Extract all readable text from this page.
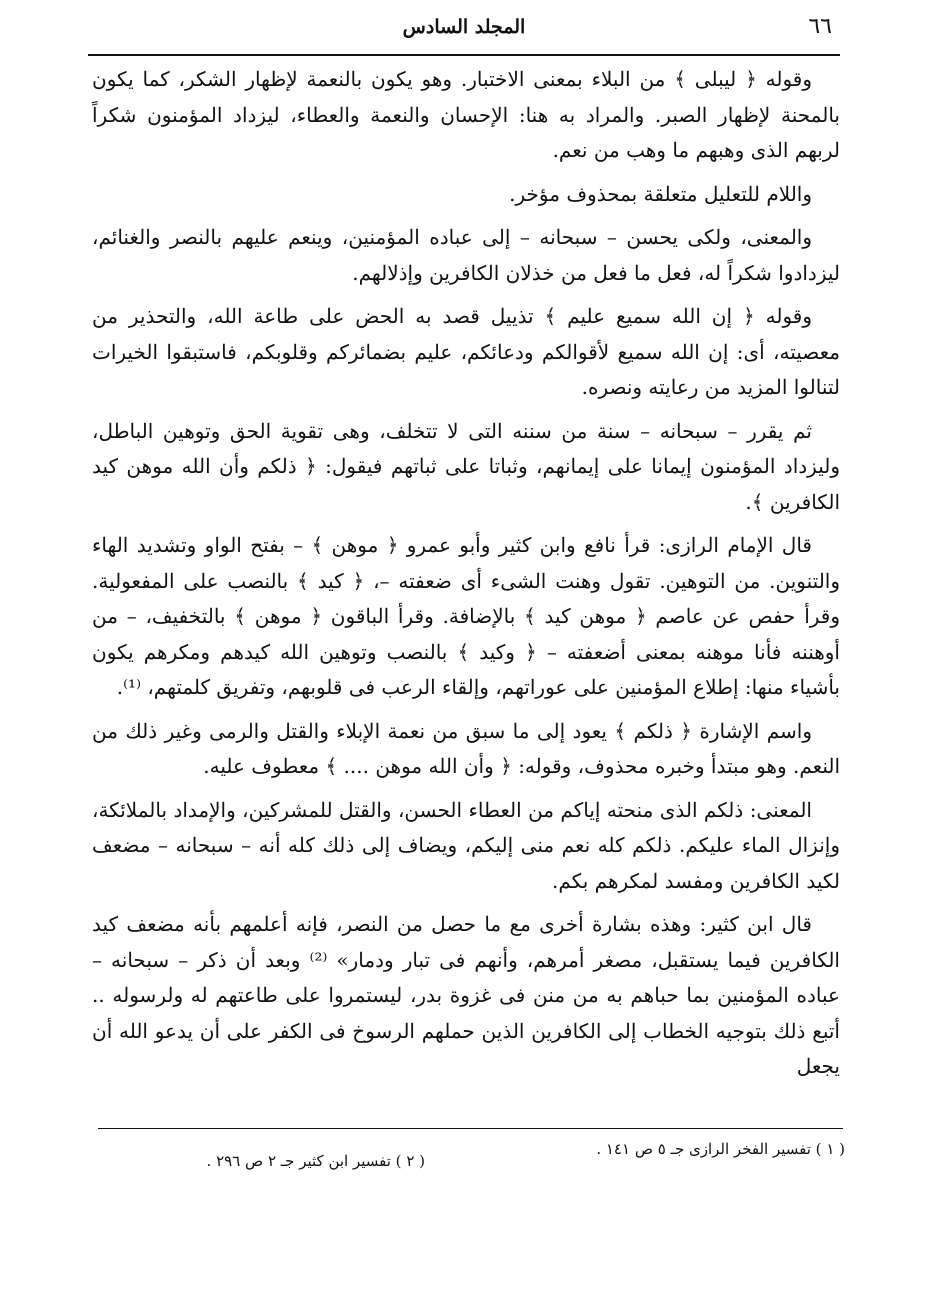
٦٦
المجلد السادس

وقوله ﴿ ليبلى ﴾ من البلاء بمعنى الاختبار. وهو يكون بالنعمة لإظهار الشكر، كما يكون بالمحنة لإظهار الصبر. والمراد به هنا: الإحسان والنعمة والعطاء، ليزداد المؤمنون شكراً لربهم الذى وهبهم ما وهب من نعم.

واللام للتعليل متعلقة بمحذوف مؤخر.

والمعنى، ولكى يحسن – سبحانه – إلى عباده المؤمنين، وينعم عليهم بالنصر والغنائم، ليزدادوا شكراً له، فعل ما فعل من خذلان الكافرين وإذلالهم.

وقوله ﴿ إن الله سميع عليم ﴾ تذييل قصد به الحض على طاعة الله، والتحذير من معصيته، أى: إن الله سميع لأقوالكم ودعائكم، عليم بضمائركم وقلوبكم، فاستبقوا الخيرات لتنالوا المزيد من رعايته ونصره.

ثم يقرر – سبحانه – سنة من سننه التى لا تتخلف، وهى تقوية الحق وتوهين الباطل، وليزداد المؤمنون إيمانا على إيمانهم، وثباتا على ثباتهم فيقول: ﴿ ذلكم وأن الله موهن كيد الكافرين ﴾.

قال الإمام الرازى: قرأ نافع وابن كثير وأبو عمرو ﴿ موهن ﴾ – بفتح الواو وتشديد الهاء والتنوين. من التوهين. تقول وهنت الشىء أى ضعفته –، ﴿ كيد ﴾ بالنصب على المفعولية. وقرأ حفص عن عاصم ﴿ موهن كيد ﴾ بالإضافة. وقرأ الباقون ﴿ موهن ﴾ بالتخفيف، – من أوهننه فأنا موهنه بمعنى أضعفته – ﴿ وكيد ﴾ بالنصب وتوهين الله كيدهم ومكرهم يكون بأشياء منها: إطلاع المؤمنين على عوراتهم، وإلقاء الرعب فى قلوبهم، وتفريق كلمتهم، ⁽¹⁾.

واسم الإشارة ﴿ ذلكم ﴾ يعود إلى ما سبق من نعمة الإبلاء والقتل والرمى وغير ذلك من النعم. وهو مبتدأ وخبره محذوف، وقوله: ﴿ وأن الله موهن .... ﴾ معطوف عليه.

المعنى: ذلكم الذى منحته إياكم من العطاء الحسن، والقتل للمشركين، والإمداد بالملائكة، وإنزال الماء عليكم. ذلكم كله نعم منى إليكم، ويضاف إلى ذلك كله أنه – سبحانه – مضعف لكيد الكافرين ومفسد لمكرهم بكم.

قال ابن كثير: وهذه بشارة أخرى مع ما حصل من النصر، فإنه أعلمهم بأنه مضعف كيد الكافرين فيما يستقبل، مصغر أمرهم، وأنهم فى تبار ودمار» ⁽²⁾ وبعد أن ذكر – سبحانه – عباده المؤمنين بما حباهم به من منن فى غزوة بدر، ليستمروا على طاعتهم له ولرسوله .. أتبع ذلك بتوجيه الخطاب إلى الكافرين الذين حملهم الرسوخ فى الكفر على أن يدعو الله أن يجعل

( ١ ) تفسير الفخر الرازى جـ ٥ ص ١٤١ .
( ٢ ) تفسير ابن كثير جـ ٢ ص ٢٩٦ .
